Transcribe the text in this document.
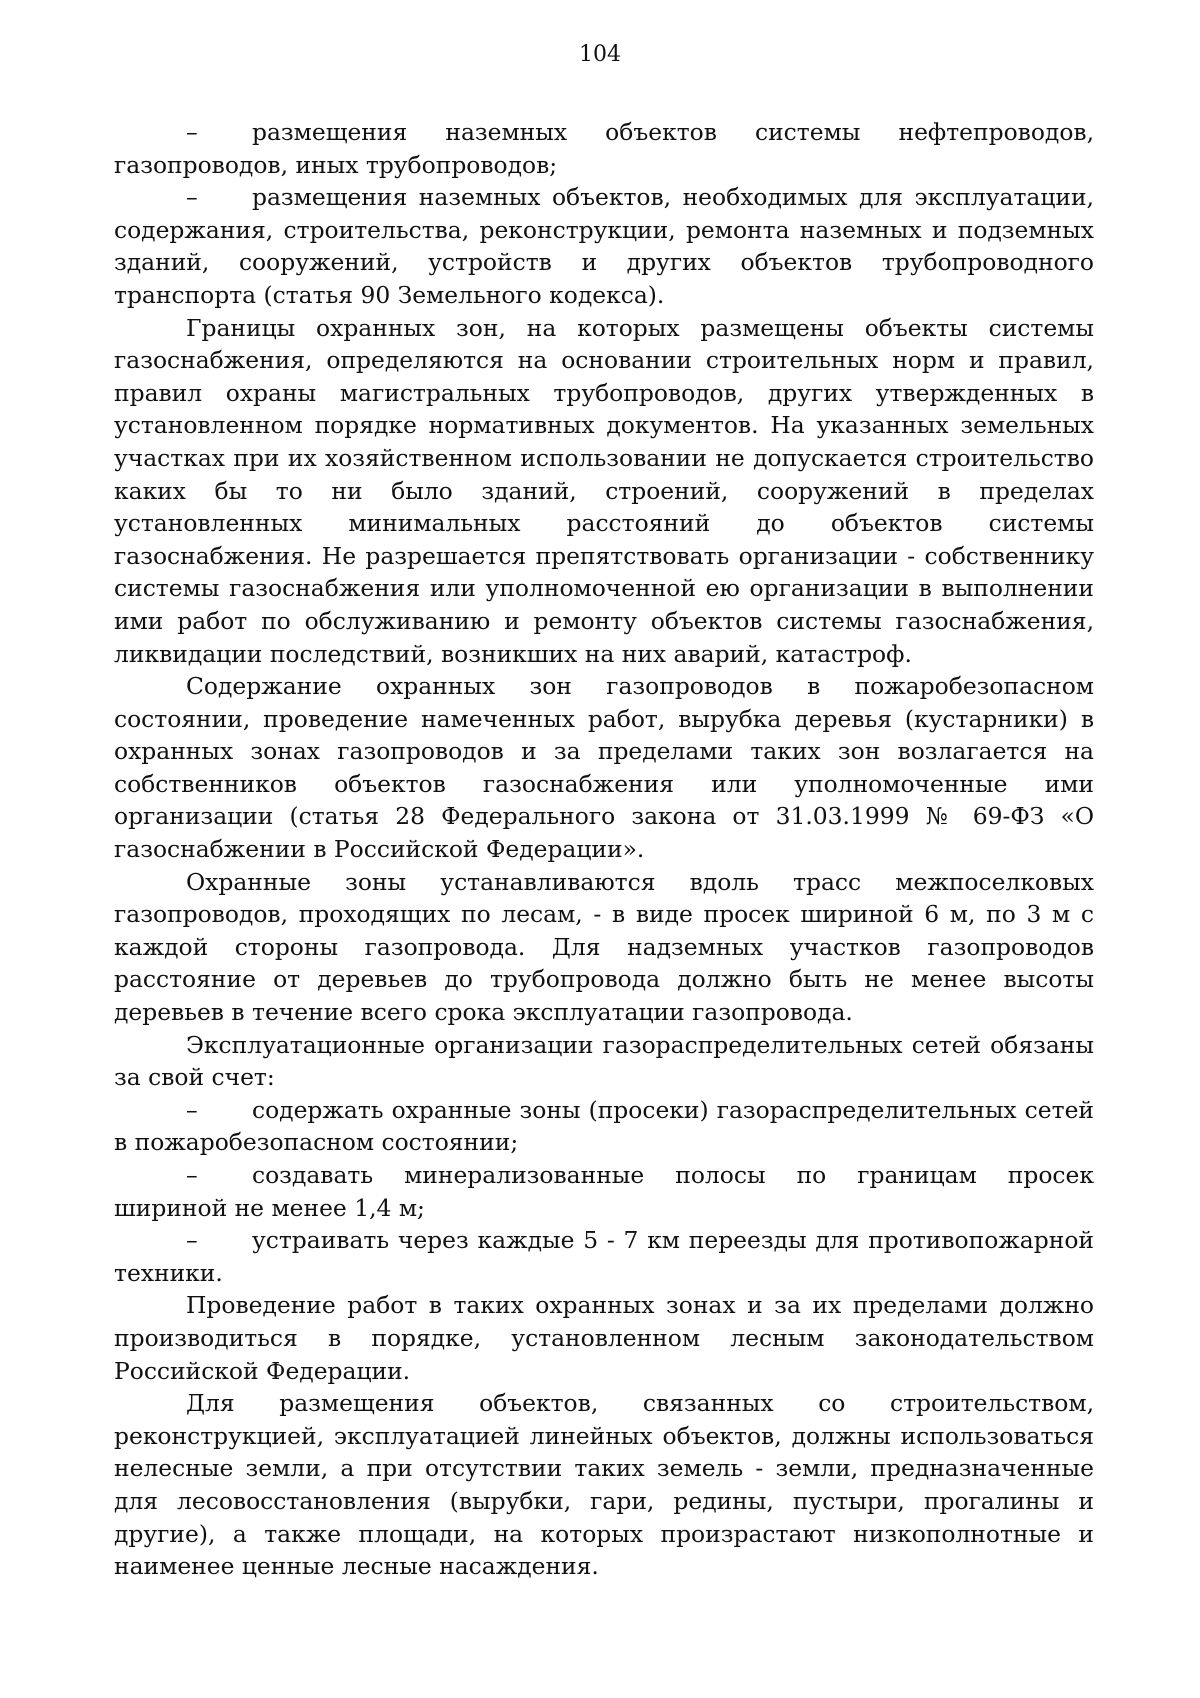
104

– размещения наземных объектов системы нефтепроводов, газопроводов, иных трубопроводов;

– размещения наземных объектов, необходимых для эксплуатации, содержания, строительства, реконструкции, ремонта наземных и подземных зданий, сооружений, устройств и других объектов трубопроводного транспорта (статья 90 Земельного кодекса).

Границы охранных зон, на которых размещены объекты системы газоснабжения, определяются на основании строительных норм и правил, правил охраны магистральных трубопроводов, других утвержденных в установленном порядке нормативных документов. На указанных земельных участках при их хозяйственном использовании не допускается строительство каких бы то ни было зданий, строений, сооружений в пределах установленных минимальных расстояний до объектов системы газоснабжения. Не разрешается препятствовать организации - собственнику системы газоснабжения или уполномоченной ею организации в выполнении ими работ по обслуживанию и ремонту объектов системы газоснабжения, ликвидации последствий, возникших на них аварий, катастроф.

Содержание охранных зон газопроводов в пожаробезопасном состоянии, проведение намеченных работ, вырубка деревья (кустарники) в охранных зонах газопроводов и за пределами таких зон возлагается на собственников объектов газоснабжения или уполномоченные ими организации (статья 28 Федерального закона от 31.03.1999 № 69-ФЗ «О газоснабжении в Российской Федерации».

Охранные зоны устанавливаются вдоль трасс межпоселковых газопроводов, проходящих по лесам, - в виде просек шириной 6 м, по 3 м с каждой стороны газопровода. Для надземных участков газопроводов расстояние от деревьев до трубопровода должно быть не менее высоты деревьев в течение всего срока эксплуатации газопровода.

Эксплуатационные организации газораспределительных сетей обязаны за свой счет:

– содержать охранные зоны (просеки) газораспределительных сетей в пожаробезопасном состоянии;

– создавать минерализованные полосы по границам просек шириной не менее 1,4 м;

– устраивать через каждые 5 - 7 км переезды для противопожарной техники.

Проведение работ в таких охранных зонах и за их пределами должно производиться в порядке, установленном лесным законодательством Российской Федерации.

Для размещения объектов, связанных со строительством, реконструкцией, эксплуатацией линейных объектов, должны использоваться нелесные земли, а при отсутствии таких земель - земли, предназначенные для лесовосстановления (вырубки, гари, редины, пустыри, прогалины и другие), а также площади, на которых произрастают низкополнотные и наименее ценные лесные насаждения.
